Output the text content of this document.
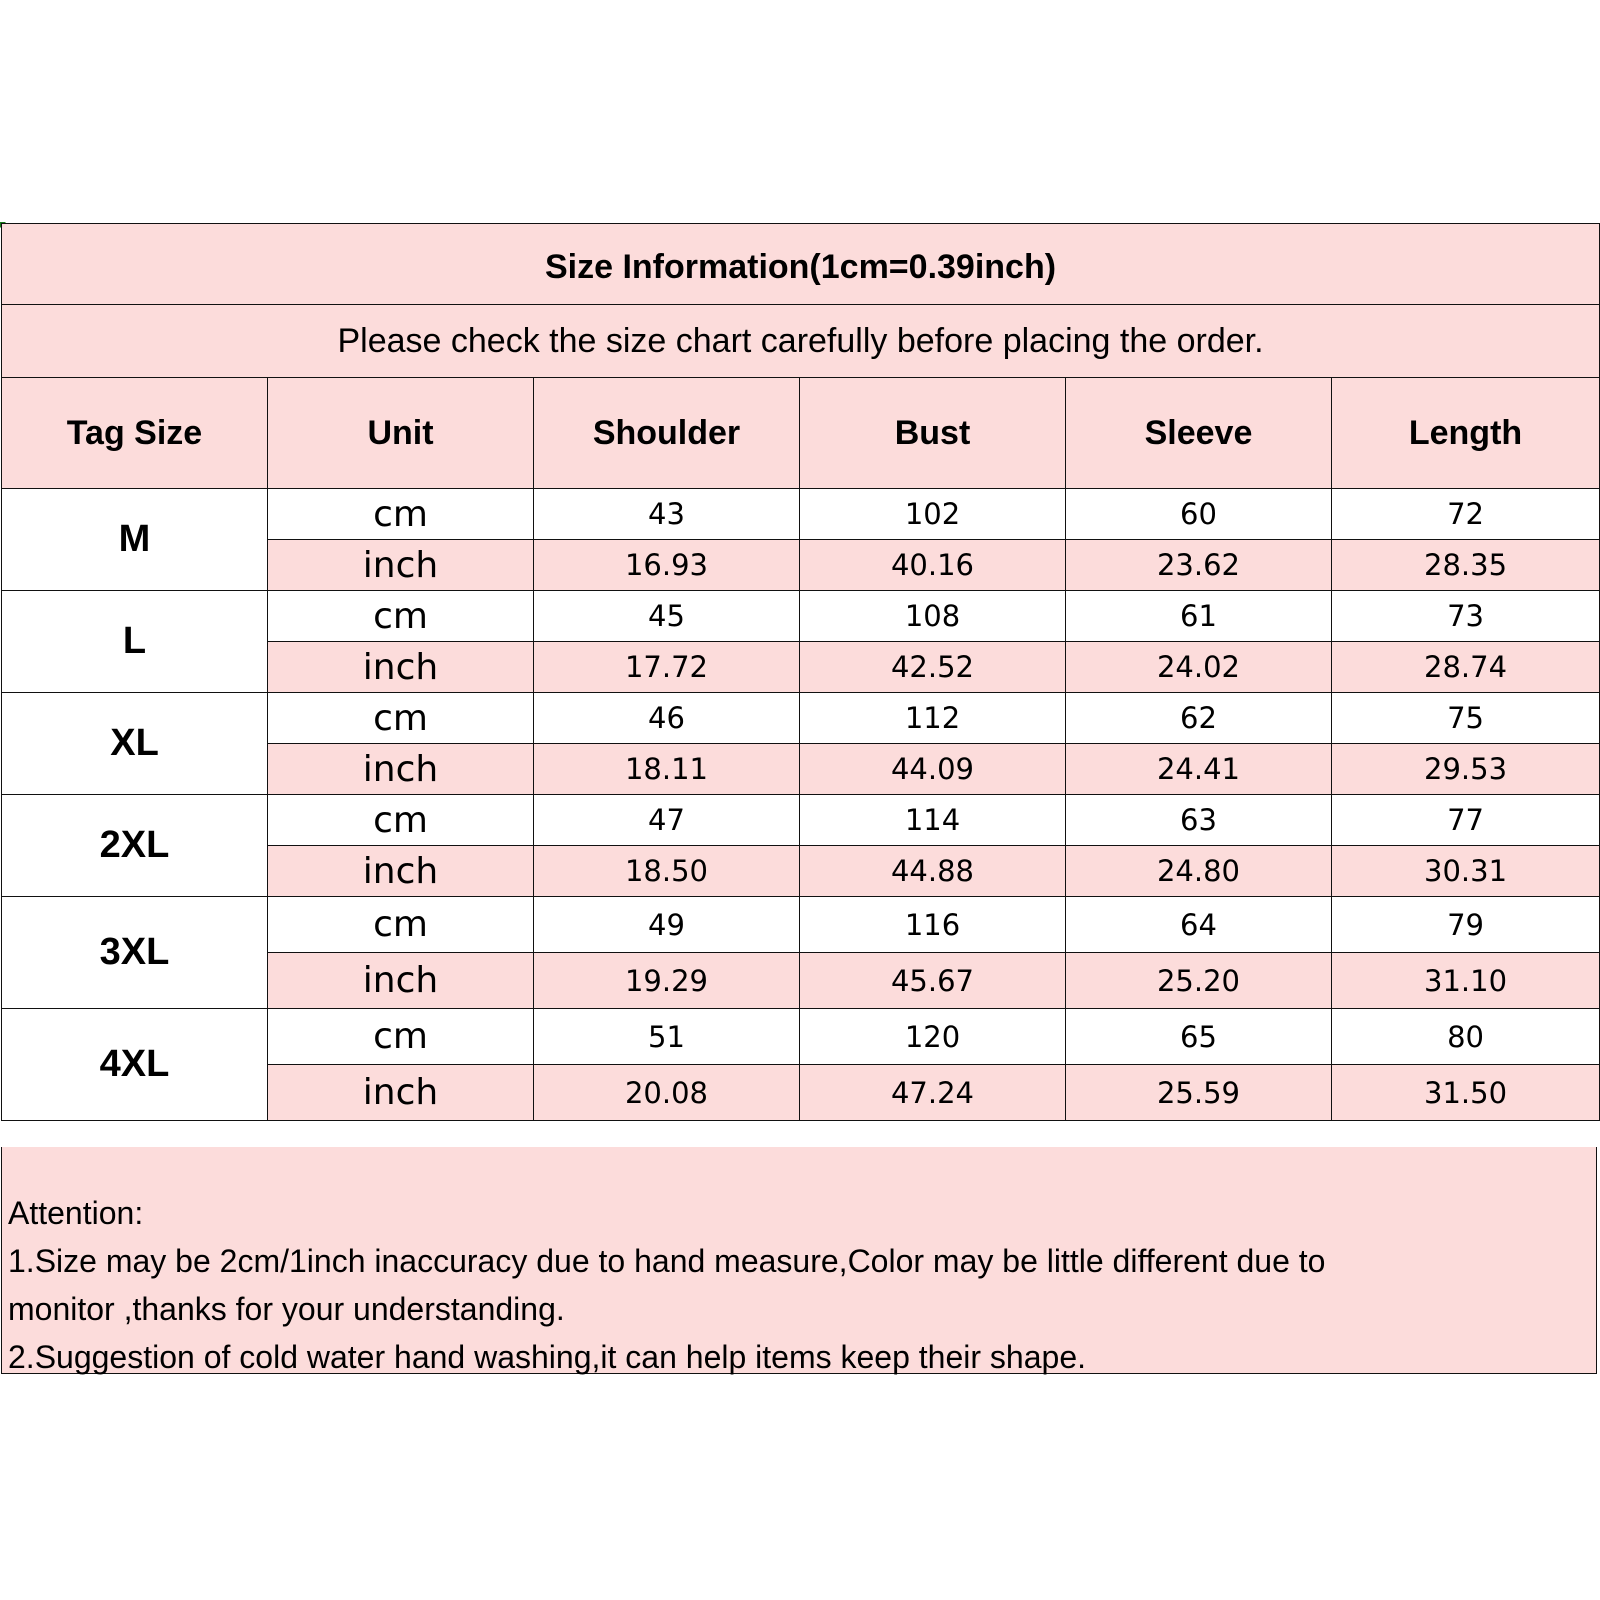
Size Information(1cm=0.39inch)					
Please check the size chart carefully before placing the order.					
Tag Size	Unit	Shoulder	Bust	Sleeve	Length
M	cm	43	102	60	72
	inch	16.93	40.16	23.62	28.35
L	cm	45	108	61	73
	inch	17.72	42.52	24.02	28.74
XL	cm	46	112	62	75
	inch	18.11	44.09	24.41	29.53
2XL	cm	47	114	63	77
	inch	18.50	44.88	24.80	30.31
3XL	cm	49	116	64	79
	inch	19.29	45.67	25.20	31.10
4XL	cm	51	120	65	80
	inch	20.08	47.24	25.59	31.50
Attention:
1.Size may be 2cm/1inch inaccuracy due to hand measure,Color may be little different due to
monitor ,thanks for your understanding.
2.Suggestion of cold water hand washing,it can help items keep their shape.
